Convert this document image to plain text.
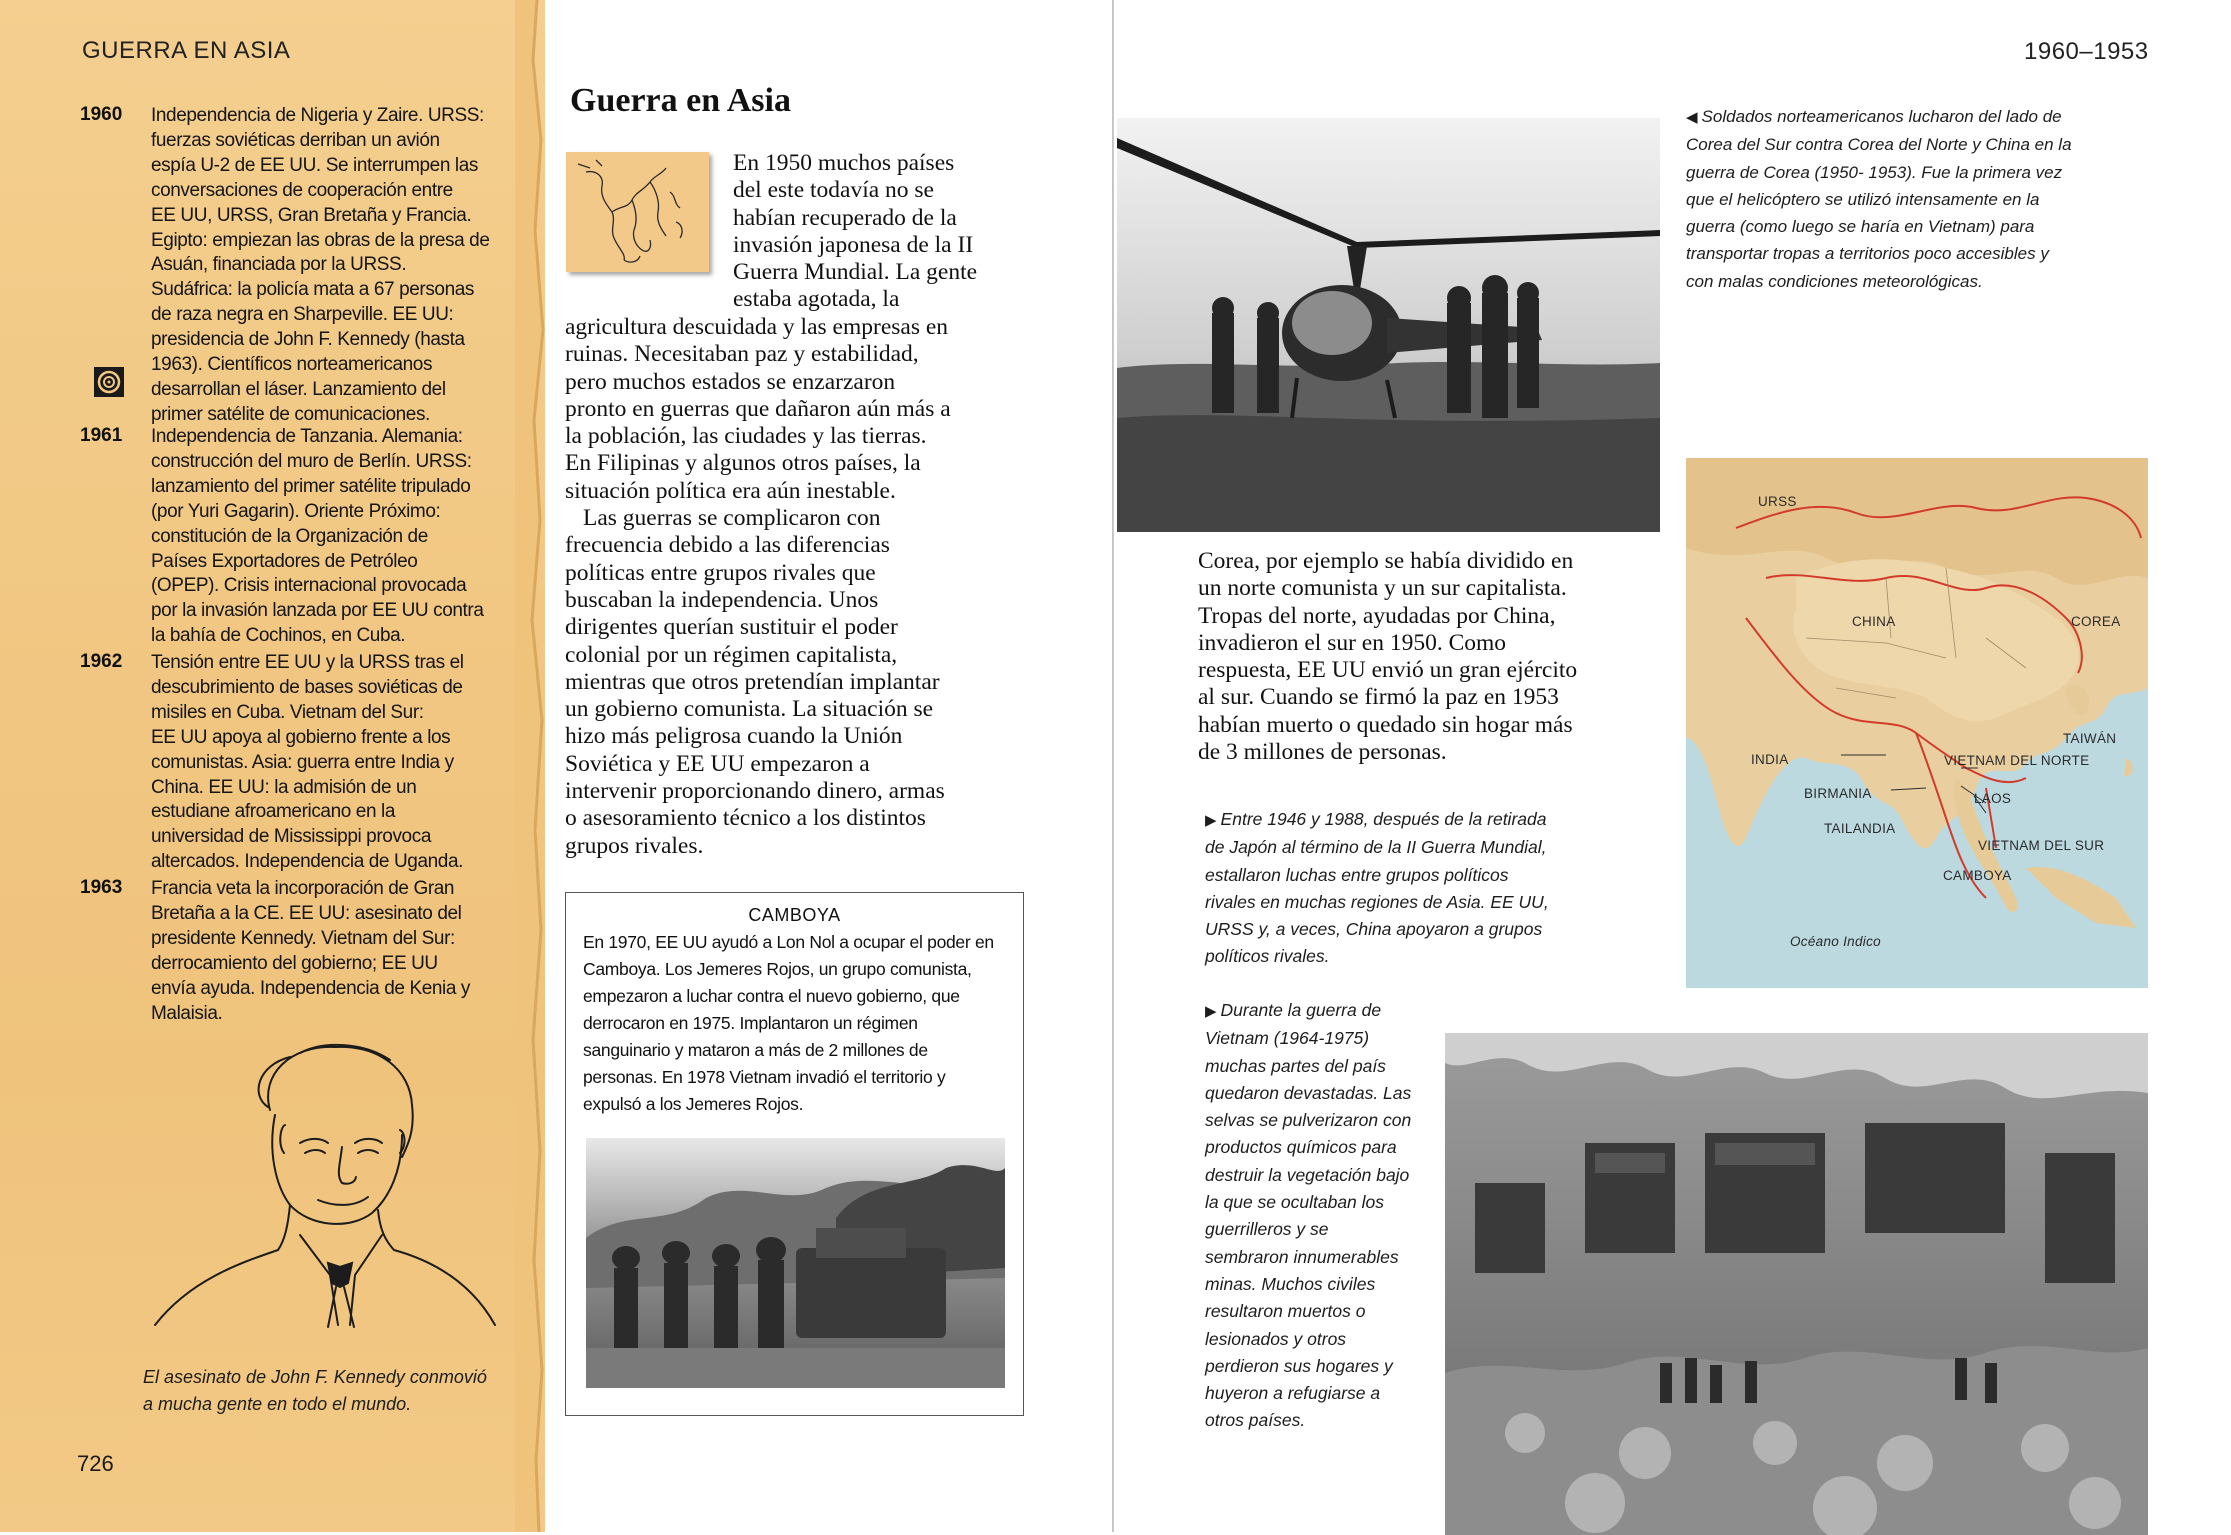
GUERRA EN ASIA
1960	Independencia de Nigeria y Zaire. URSS:
fuerzas soviéticas derriban un avión
espía U-2 de EE UU. Se interrumpen las
conversaciones de cooperación entre
EE UU, URSS, Gran Bretaña y Francia.
Egipto: empiezan las obras de la presa de
Asuán, financiada por la URSS.
Sudáfrica: la policía mata a 67 personas
de raza negra en Sharpeville. EE UU:
presidencia de John F. Kennedy (hasta
1963). Científicos norteamericanos
desarrollan el láser. Lanzamiento del
primer satélite de comunicaciones.
1961	Independencia de Tanzania. Alemania:
construcción del muro de Berlín. URSS:
lanzamiento del primer satélite tripulado
(por Yuri Gagarin). Oriente Próximo:
constitución de la Organización de
Países Exportadores de Petróleo
(OPEP). Crisis internacional provocada
por la invasión lanzada por EE UU contra
la bahía de Cochinos, en Cuba.
1962	Tensión entre EE UU y la URSS tras el
descubrimiento de bases soviéticas de
misiles en Cuba. Vietnam del Sur:
EE UU apoya al gobierno frente a los
comunistas. Asia: guerra entre India y
China. EE UU: la admisión de un
estudiane afroamericano en la
universidad de Mississippi provoca
altercados. Independencia de Uganda.
1963	Francia veta la incorporación de Gran
Bretaña a la CE. EE UU: asesinato del
presidente Kennedy. Vietnam del Sur:
derrocamiento del gobierno; EE UU
envía ayuda. Independencia de Kenia y
Malaisia.
El asesinato de John F. Kennedy conmovió
a mucha gente en todo el mundo.
726
Guerra en Asia
En 1950 muchos países
del este todavía no se
habían recuperado de la
invasión japonesa de la II
Guerra Mundial. La gente
estaba agotada, la
agricultura descuidada y las empresas en
ruinas. Necesitaban paz y estabilidad,
pero muchos estados se enzarzaron
pronto en guerras que dañaron aún más a
la población, las ciudades y las tierras.
En Filipinas y algunos otros países, la
situación política era aún inestable.
Las guerras se complicaron con
frecuencia debido a las diferencias
políticas entre grupos rivales que
buscaban la independencia. Unos
dirigentes querían sustituir el poder
colonial por un régimen capitalista,
mientras que otros pretendían implantar
un gobierno comunista. La situación se
hizo más peligrosa cuando la Unión
Soviética y EE UU empezaron a
intervenir proporcionando dinero, armas
o asesoramiento técnico a los distintos
grupos rivales.
CAMBOYA
En 1970, EE UU ayudó a Lon Nol a ocupar el poder en
Camboya. Los Jemeres Rojos, un grupo comunista,
empezaron a luchar contra el nuevo gobierno, que
derrocaron en 1975. Implantaron un régimen
sanguinario y mataron a más de 2 millones de
personas. En 1978 Vietnam invadió el territorio y
expulsó a los Jemeres Rojos.
1960–1953
◀ Soldados norteamericanos lucharon del lado de
Corea del Sur contra Corea del Norte y China en la
guerra de Corea (1950- 1953). Fue la primera vez
que el helicóptero se utilizó intensamente en la
guerra (como luego se haría en Vietnam) para
transportar tropas a territorios poco accesibles y
con malas condiciones meteorológicas.
Corea, por ejemplo se había dividido en
un norte comunista y un sur capitalista.
Tropas del norte, ayudadas por China,
invadieron el sur en 1950. Como
respuesta, EE UU envió un gran ejército
al sur. Cuando se firmó la paz en 1953
habían muerto o quedado sin hogar más
de 3 millones de personas.
URSS
CHINA	COREA
TAIWÁN
INDIA	VIETNAM DEL NORTE
BIRMANIA	LAOS
TAILANDIA
VIETNAM DEL SUR
CAMBOYA
Océano Indico
▶ Entre 1946 y 1988, después de la retirada
de Japón al término de la II Guerra Mundial,
estallaron luchas entre grupos políticos
rivales en muchas regiones de Asia. EE UU,
URSS y, a veces, China apoyaron a grupos
políticos rivales.
▶ Durante la guerra de
Vietnam (1964-1975)
muchas partes del país
quedaron devastadas. Las
selvas se pulverizaron con
productos químicos para
destruir la vegetación bajo
la que se ocultaban los
guerrilleros y se
sembraron innumerables
minas. Muchos civiles
resultaron muertos o
lesionados y otros
perdieron sus hogares y
huyeron a refugiarse a
otros países.
